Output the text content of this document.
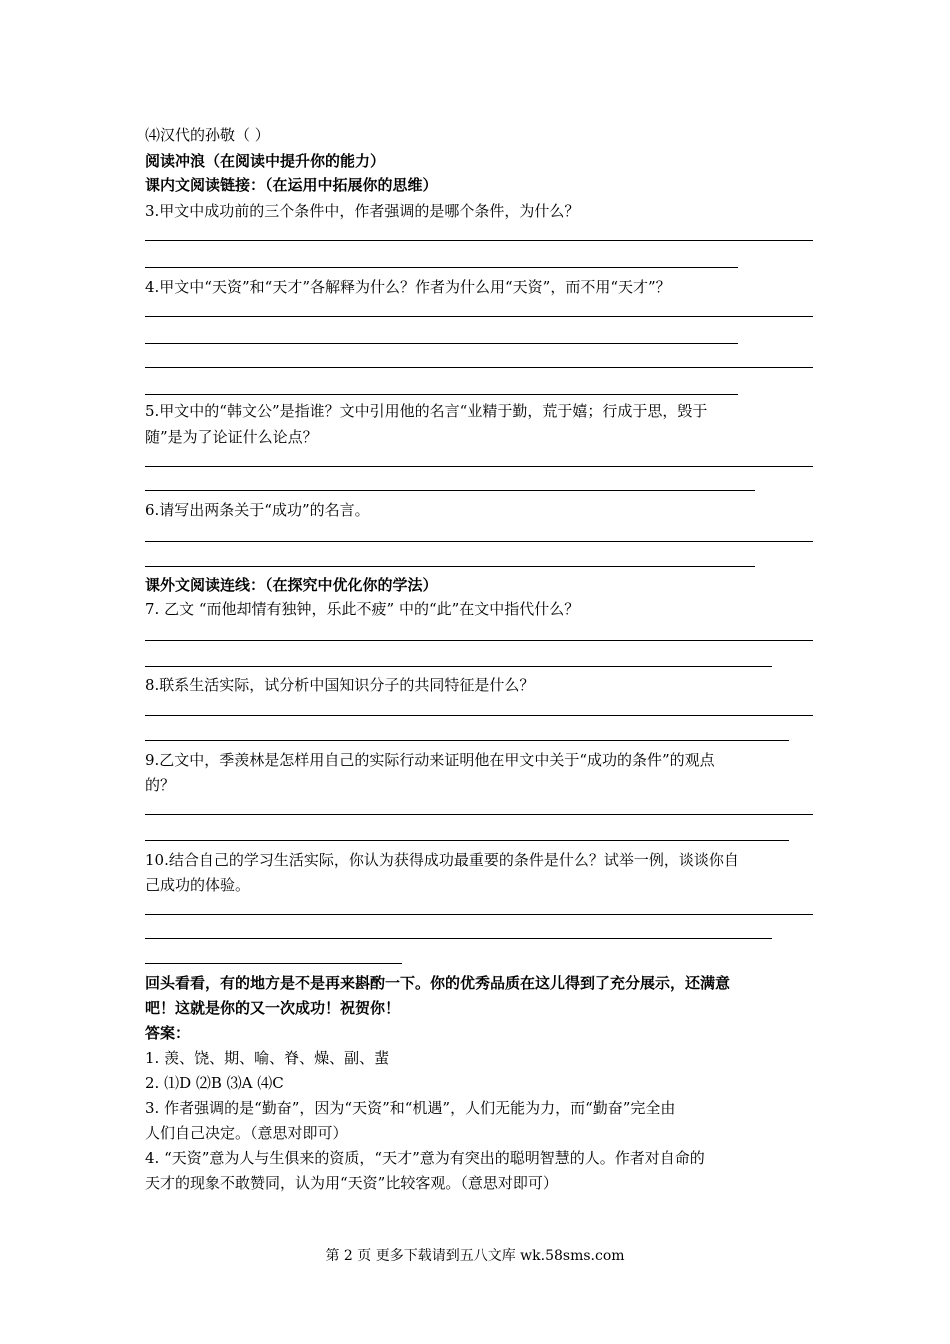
⑷汉代的孙敬（ ）
阅读冲浪（在阅读中提升你的能力）
课内文阅读链接：（在运用中拓展你的思维）
3.甲文中成功前的三个条件中，作者强调的是哪个条件，为什么？
4.甲文中“天资”和“天才”各解释为什么？作者为什么用“天资”，而不用“天才”？
5.甲文中的“韩文公”是指谁？文中引用他的名言“业精于勤，荒于嬉；行成于思，毁于
随”是为了论证什么论点？
6.请写出两条关于“成功”的名言。
课外文阅读连线：（在探究中优化你的学法）
7. 乙文 “而他却情有独钟，乐此不疲” 中的“此”在文中指代什么？
8.联系生活实际，试分析中国知识分子的共同特征是什么？
9.乙文中，季羡林是怎样用自己的实际行动来证明他在甲文中关于“成功的条件”的观点
的？
10.结合自己的学习生活实际，你认为获得成功最重要的条件是什么？试举一例，谈谈你自
己成功的体验。
回头看看，有的地方是不是再来斟酌一下。你的优秀品质在这儿得到了充分展示，还满意
吧！这就是你的又一次成功！祝贺你！
答案：
1. 羡、饶、期、喻、脊、燥、副、蜚
2. ⑴D ⑵B ⑶A ⑷C
3. 作者强调的是“勤奋”，因为“天资”和“机遇”，人们无能为力，而“勤奋”完全由
人们自己决定。（意思对即可）
4. “天资”意为人与生俱来的资质，“天才”意为有突出的聪明智慧的人。作者对自命的
天才的现象不敢赞同，认为用“天资”比较客观。（意思对即可）
第 2 页 更多下载请到五八文库 wk.58sms.com
